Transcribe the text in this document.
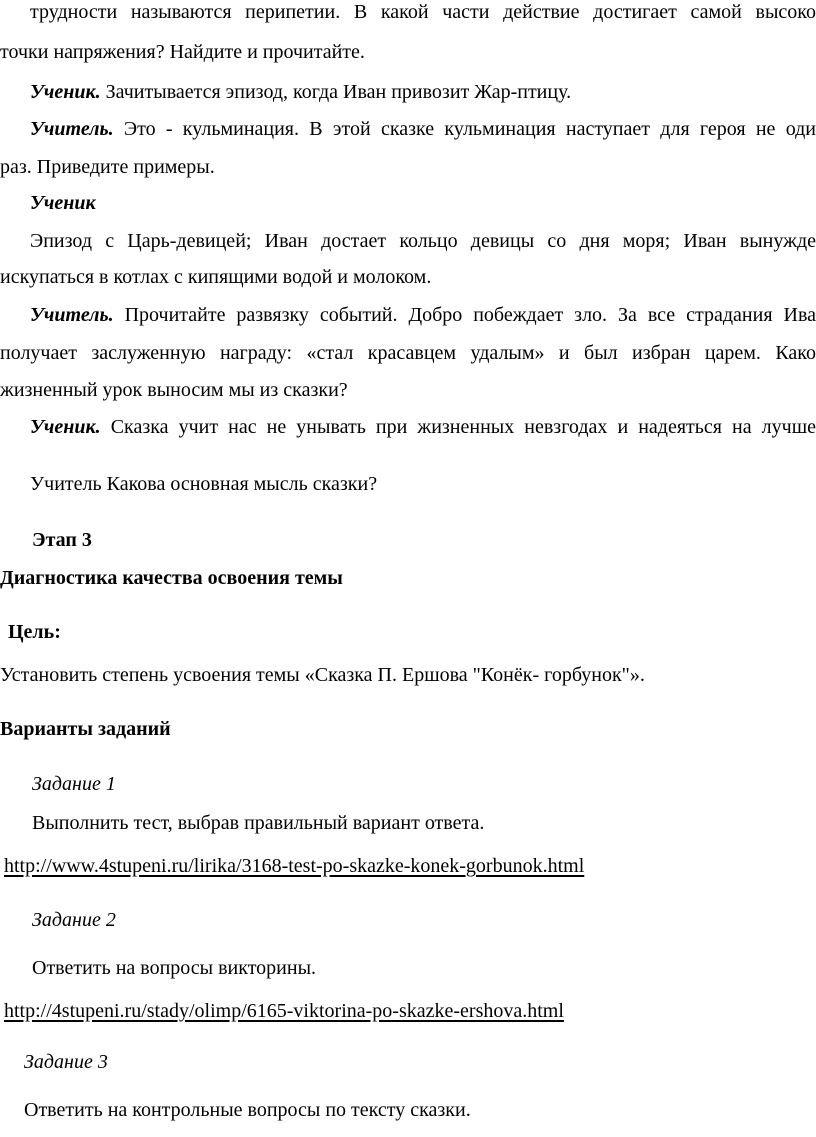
трудности называются перипетии. В какой части действие достигает самой высоко
точки напряжения? Найдите и прочитайте.
Ученик. Зачитывается эпизод, когда Иван привозит Жар-птицу.
Учитель. Это - кульминация. В этой сказке кульминация наступает для героя не оди
раз. Приведите примеры.
Ученик
Эпизод с Царь-девицей; Иван достает кольцо девицы со дня моря; Иван вынужде
искупаться в котлах с кипящими водой и молоком.
Учитель. Прочитайте развязку событий. Добро побеждает зло. За все страдания Ива
получает заслуженную награду: «стал красавцем удалым» и был избран царем. Како
жизненный урок выносим мы из сказки?
Ученик. Сказка учит нас не унывать при жизненных невзгодах и надеяться на лучше
Учитель Какова основная мысль сказки?
Этап 3
Диагностика качества освоения темы
Цель:
Установить степень усвоения темы «Сказка П. Ершова "Конёк- горбунок"».
Варианты заданий
Задание 1
Выполнить тест, выбрав правильный вариант ответа.
http://www.4stupeni.ru/lirika/3168-test-po-skazke-konek-gorbunok.html
Задание 2
Ответить на вопросы викторины.
http://4stupeni.ru/stady/olimp/6165-viktorina-po-skazke-ershova.html
Задание 3
Ответить на контрольные вопросы по тексту сказки.
